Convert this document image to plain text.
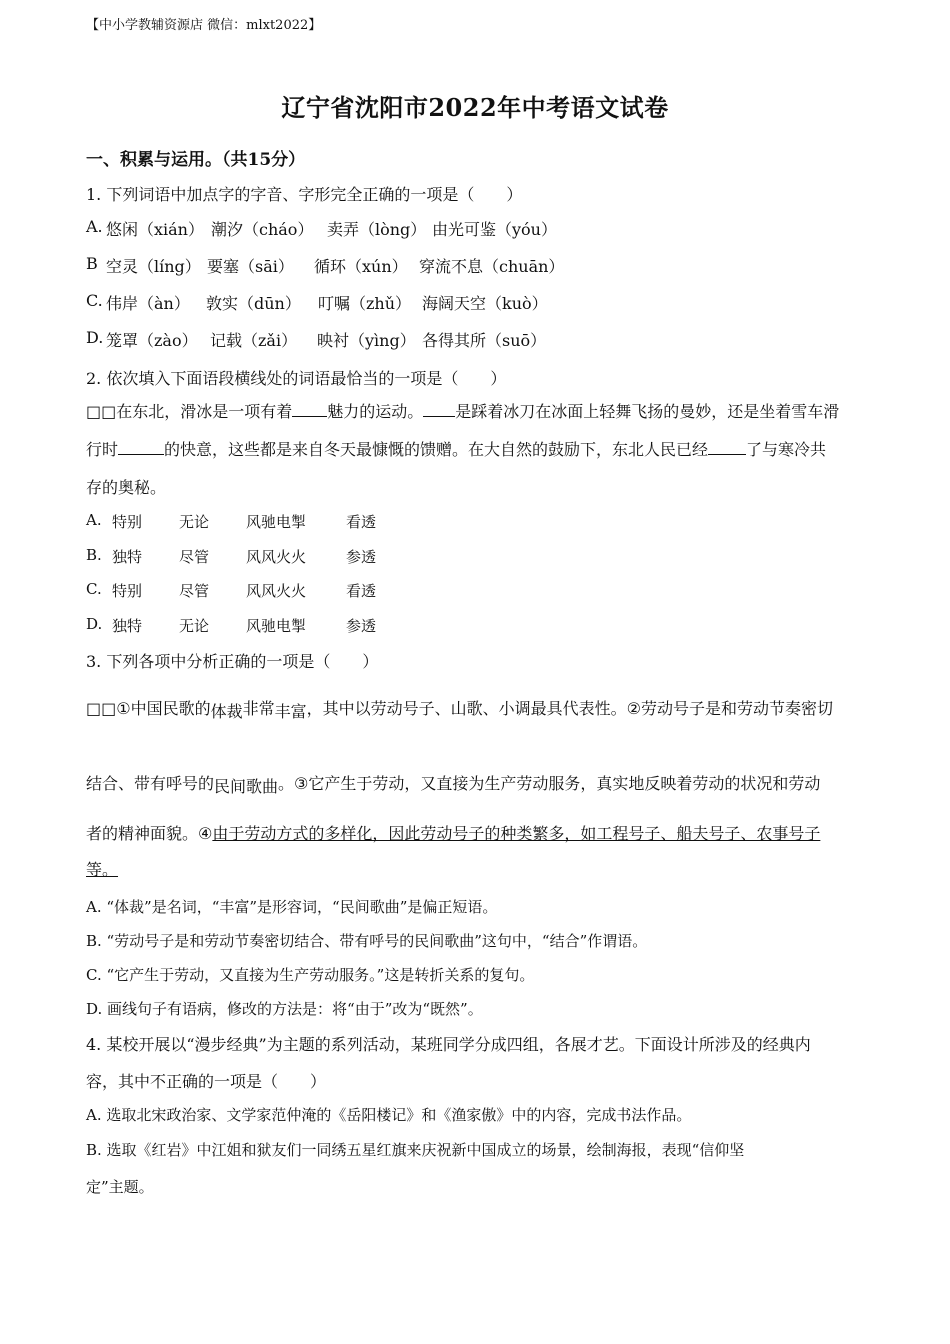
【中小学教辅资源店 微信：mlxt2022】
辽宁省沈阳市2022年中考语文试卷
一、积累与运用。（共15分）
1. 下列词语中加点字的字音、字形完全正确的一项是（　　）
A. 悠闲（xián） 潮汐（cháo） 卖弄（lòng） 由光可鉴（yóu）
B 空灵（líng） 要塞（sāi） 循环（xún） 穿流不息（chuān）
C. 伟岸（àn） 敦实（dūn） 叮嘱（zhǔ） 海阔天空（kuò）
D. 笼罩（zào） 记载（zǎi） 映衬（yìng） 各得其所（suō）
2. 依次填入下面语段横线处的词语最恰当的一项是（　　）
□□在东北，滑冰是一项有着 魅力的运动。 是踩着冰刀在冰面上轻舞飞扬的曼妙，还是坐着雪车滑
行时	的快意，这些都是来自冬天最慷慨的馈赠。在大自然的鼓励下，东北人民已经 了与寒冷共
存的奥秘。
A. 特别 无论 风驰电掣	看透
B. 独特 尽管 风风火火	参透
C. 特别 尽管 风风火火	看透
D. 独特 无论 风驰电掣	参透
3. 下列各项中分析正确的一项是（　　）
□□①中国民歌的体裁非常丰富，其中以劳动号子、山歌、小调最具代表性。②劳动号子是和劳动节奏密切
结合、带有呼号的民间歌曲。③它产生于劳动，又直接为生产劳动服务，真实地反映着劳动的状况和劳动
者的精神面貌。④由于劳动方式的多样化，因此劳动号子的种类繁多，如工程号子、船夫号子、农事号子
等。
A. “体裁”是名词，“丰富”是形容词，“民间歌曲”是偏正短语。
B. “劳动号子是和劳动节奏密切结合、带有呼号的民间歌曲”这句中，“结合”作谓语。
C. “它产生于劳动，又直接为生产劳动服务。”这是转折关系的复句。
D. 画线句子有语病，修改的方法是：将“由于”改为“既然”。
4. 某校开展以“漫步经典”为主题的系列活动，某班同学分成四组，各展才艺。下面设计所涉及的经典内
容，其中不正确的一项是（　　）
A. 选取北宋政治家、文学家范仲淹的《岳阳楼记》和《渔家傲》中的内容，完成书法作品。
B. 选取《红岩》中江姐和狱友们一同绣五星红旗来庆祝新中国成立的场景，绘制海报，表现“信仰坚
定”主题。
